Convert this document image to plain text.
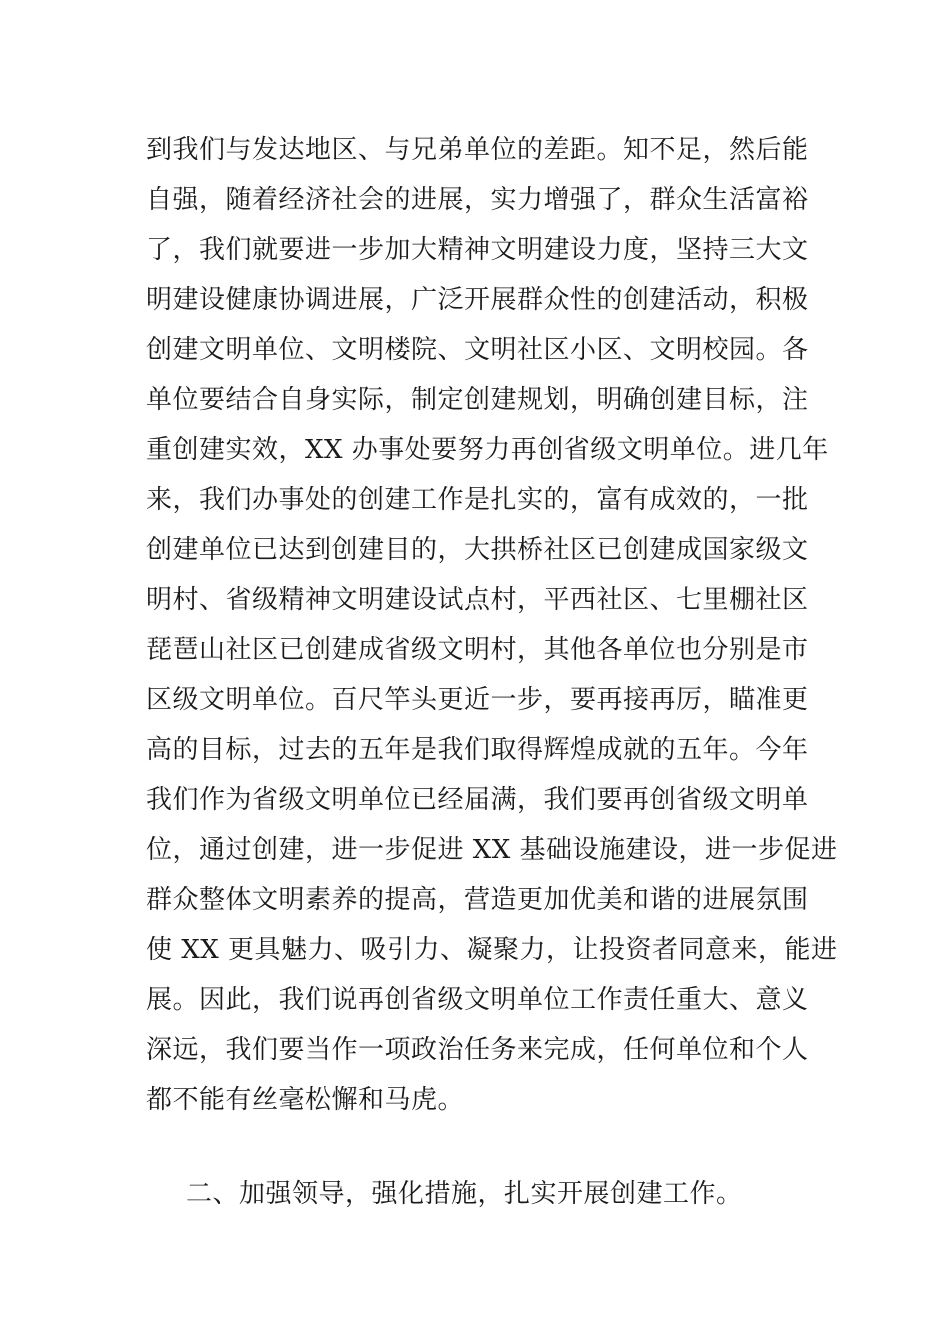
到我们与发达地区、与兄弟单位的差距。知不足，然后能
自强，随着经济社会的进展，实力增强了，群众生活富裕
了，我们就要进一步加大精神文明建设力度，坚持三大文
明建设健康协调进展，广泛开展群众性的创建活动，积极
创建文明单位、文明楼院、文明社区小区、文明校园。各
单位要结合自身实际，制定创建规划，明确创建目标，注
重创建实效，XX 办事处要努力再创省级文明单位。进几年
来，我们办事处的创建工作是扎实的，富有成效的，一批
创建单位已达到创建目的，大拱桥社区已创建成国家级文
明村、省级精神文明建设试点村，平西社区、七里棚社区
琵琶山社区已创建成省级文明村，其他各单位也分别是市
区级文明单位。百尺竿头更近一步，要再接再厉，瞄准更
高的目标，过去的五年是我们取得辉煌成就的五年。今年
我们作为省级文明单位已经届满，我们要再创省级文明单
位，通过创建，进一步促进 XX 基础设施建设，进一步促进
群众整体文明素养的提高，营造更加优美和谐的进展氛围
使 XX 更具魅力、吸引力、凝聚力，让投资者同意来，能进
展。因此，我们说再创省级文明单位工作责任重大、意义
深远，我们要当作一项政治任务来完成，任何单位和个人
都不能有丝毫松懈和马虎。
二、加强领导，强化措施，扎实开展创建工作。
